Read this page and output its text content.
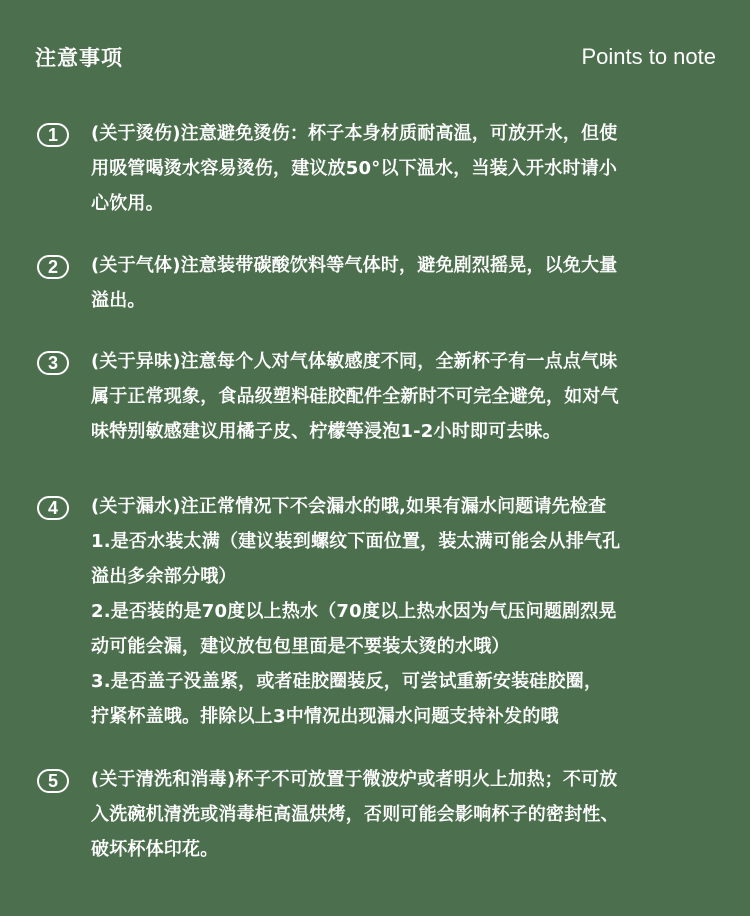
注意事项	Points to note
1	(关于烫伤)注意避免烫伤：杯子本身材质耐高温，可放开水，但使
用吸管喝烫水容易烫伤，建议放50°以下温水，当装入开水时请小
心饮用。
2	(关于气体)注意装带碳酸饮料等气体时，避免剧烈摇晃，以免大量
溢出。
3	(关于异味)注意每个人对气体敏感度不同，全新杯子有一点点气味
属于正常现象，食品级塑料硅胶配件全新时不可完全避免，如对气
味特别敏感建议用橘子皮、柠檬等浸泡1-2小时即可去味。
4	(关于漏水)注正常情况下不会漏水的哦,如果有漏水问题请先检查
1.是否水装太满（建议装到螺纹下面位置，装太满可能会从排气孔
溢出多余部分哦）
2.是否装的是70度以上热水（70度以上热水因为气压问题剧烈晃
动可能会漏，建议放包包里面是不要装太烫的水哦）
3.是否盖子没盖紧，或者硅胶圈装反，可尝试重新安装硅胶圈，
拧紧杯盖哦。排除以上3中情况出现漏水问题支持补发的哦
5	(关于清洗和消毒)杯子不可放置于微波炉或者明火上加热；不可放
入洗碗机清洗或消毒柜高温烘烤，否则可能会影响杯子的密封性、
破坏杯体印花。
